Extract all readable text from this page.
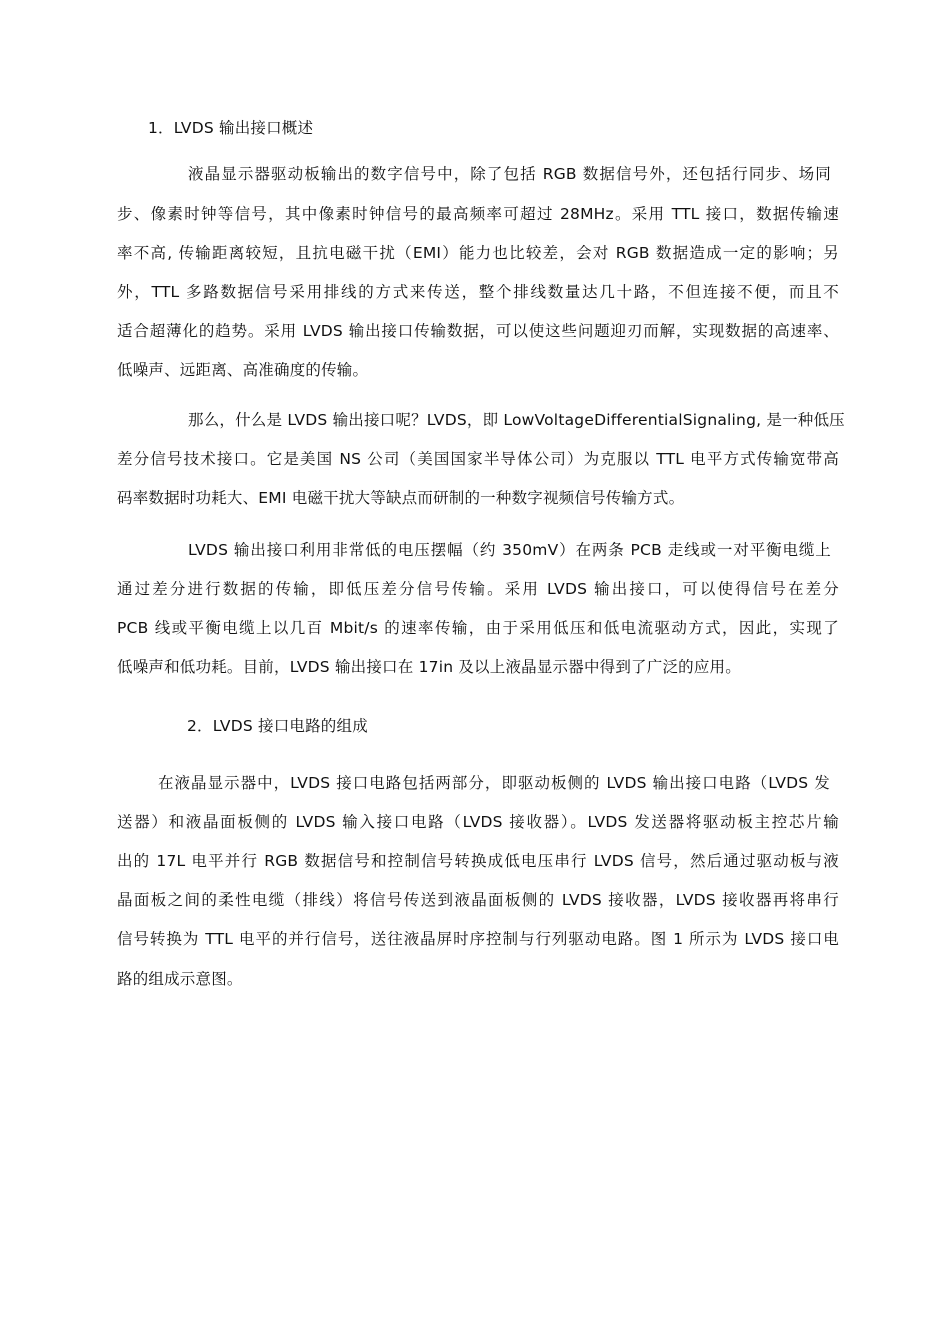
1．LVDS 输出接口概述
液晶显示器驱动板输出的数字信号中，除了包括 RGB 数据信号外，还包括行同步、场同
步、像素时钟等信号，其中像素时钟信号的最高频率可超过 28MHz。采用 TTL 接口，数据传输速
率不高, 传输距离较短，且抗电磁干扰（EMI）能力也比较差，会对 RGB 数据造成一定的影响；另
外，TTL 多路数据信号采用排线的方式来传送，整个排线数量达几十路，不但连接不便，而且不
适合超薄化的趋势。采用 LVDS 输出接口传输数据，可以使这些问题迎刃而解，实现数据的高速率、
低噪声、远距离、高准确度的传输。
那么，什么是 LVDS 输出接口呢？LVDS，即 LowVoltageDifferentialSignaling, 是一种低压
差分信号技术接口。它是美国 NS 公司（美国国家半导体公司）为克服以 TTL 电平方式传输宽带高
码率数据时功耗大、EMI 电磁干扰大等缺点而研制的一种数字视频信号传输方式。
LVDS 输出接口利用非常低的电压摆幅（约 350mV）在两条 PCB 走线或一对平衡电缆上
通过差分进行数据的传输，即低压差分信号传输。采用 LVDS 输出接口，可以使得信号在差分
PCB 线或平衡电缆上以几百 Mbit/s 的速率传输，由于采用低压和低电流驱动方式，因此，实现了
低噪声和低功耗。目前，LVDS 输出接口在 17in 及以上液晶显示器中得到了广泛的应用。
2．LVDS 接口电路的组成
在液晶显示器中，LVDS 接口电路包括两部分，即驱动板侧的 LVDS 输出接口电路（LVDS 发
送器）和液晶面板侧的 LVDS 输入接口电路（LVDS 接收器）。LVDS 发送器将驱动板主控芯片输
出的 17L 电平并行 RGB 数据信号和控制信号转换成低电压串行 LVDS 信号，然后通过驱动板与液
晶面板之间的柔性电缆（排线）将信号传送到液晶面板侧的 LVDS 接收器，LVDS 接收器再将串行
信号转换为 TTL 电平的并行信号，送往液晶屏时序控制与行列驱动电路。图 1 所示为 LVDS 接口电
路的组成示意图。
